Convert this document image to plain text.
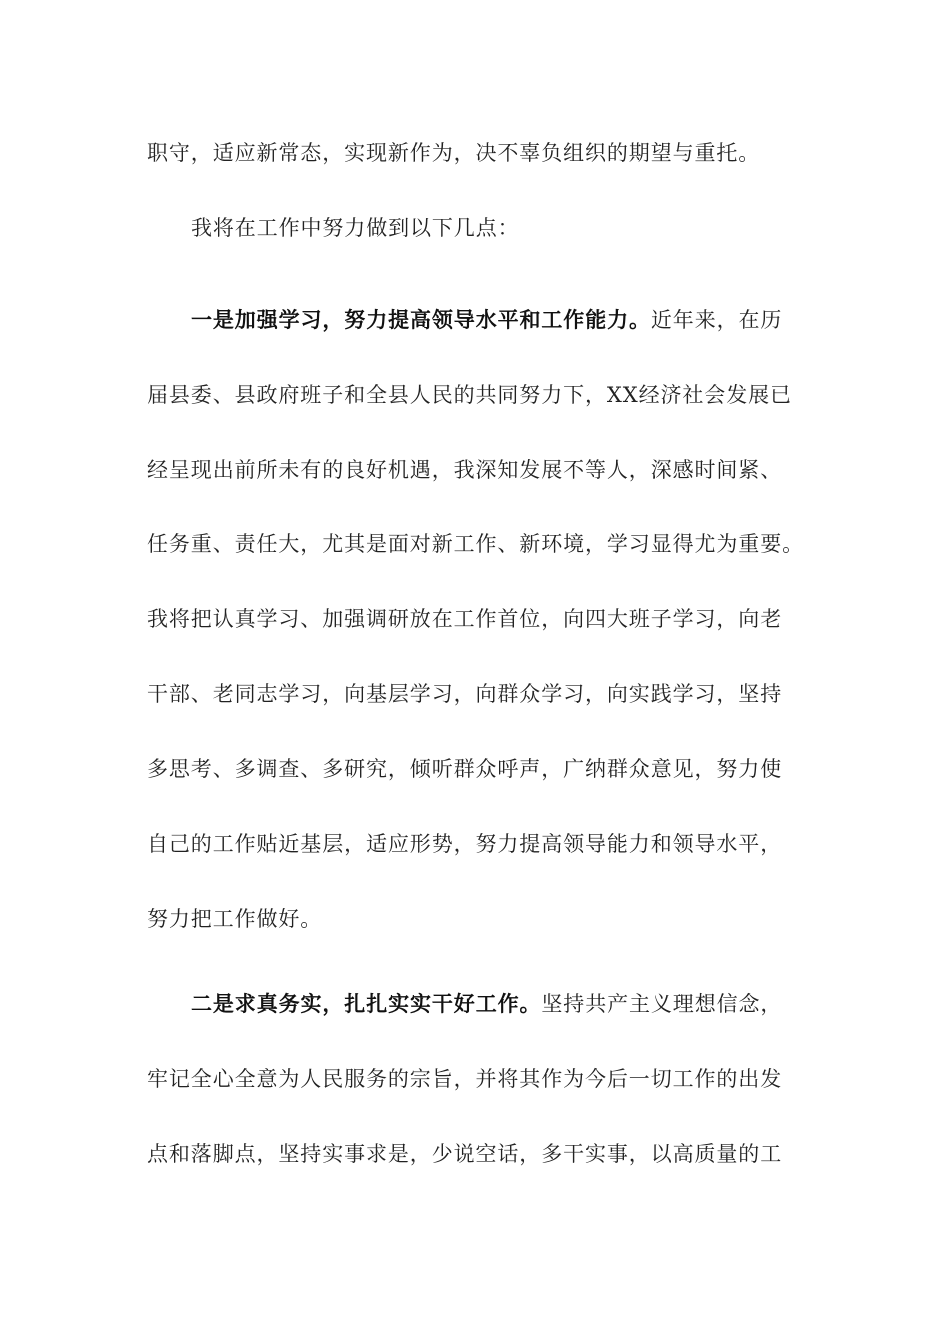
职守，适应新常态，实现新作为，决不辜负组织的期望与重托。
我将在工作中努力做到以下几点：
一是加强学习，努力提高领导水平和工作能力。近年来，在历
届县委、县政府班子和全县人民的共同努力下，XX经济社会发展已
经呈现出前所未有的良好机遇，我深知发展不等人，深感时间紧、
任务重、责任大，尤其是面对新工作、新环境，学习显得尤为重要。
我将把认真学习、加强调研放在工作首位，向四大班子学习，向老
干部、老同志学习，向基层学习，向群众学习，向实践学习，坚持
多思考、多调查、多研究，倾听群众呼声，广纳群众意见，努力使
自己的工作贴近基层，适应形势，努力提高领导能力和领导水平，
努力把工作做好。
二是求真务实，扎扎实实干好工作。坚持共产主义理想信念，
牢记全心全意为人民服务的宗旨，并将其作为今后一切工作的出发
点和落脚点，坚持实事求是，少说空话，多干实事，以高质量的工
